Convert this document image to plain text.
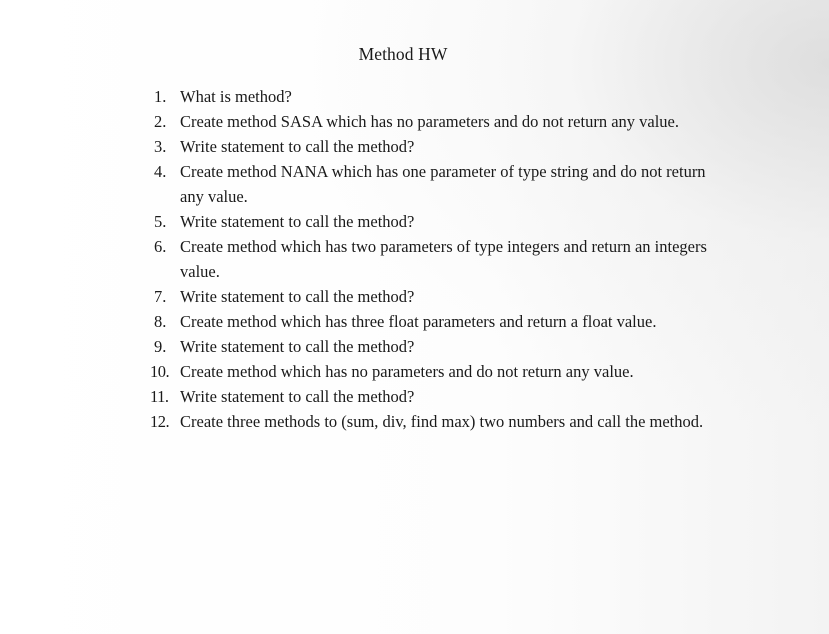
Method HW
1. What is method?
2. Create method SASA which has no parameters and do not return any value.
3. Write statement to call the method?
4. Create method NANA which has one parameter of type string and do not return any value.
5. Write statement to call the method?
6. Create method which has two parameters of type integers and return an integers value.
7. Write statement to call the method?
8. Create method which has three float parameters and return a float value.
9. Write statement to call the method?
10. Create method which has no parameters and do not return any value.
11. Write statement to call the method?
12. Create three methods to (sum, div, find max) two numbers and call the method.
